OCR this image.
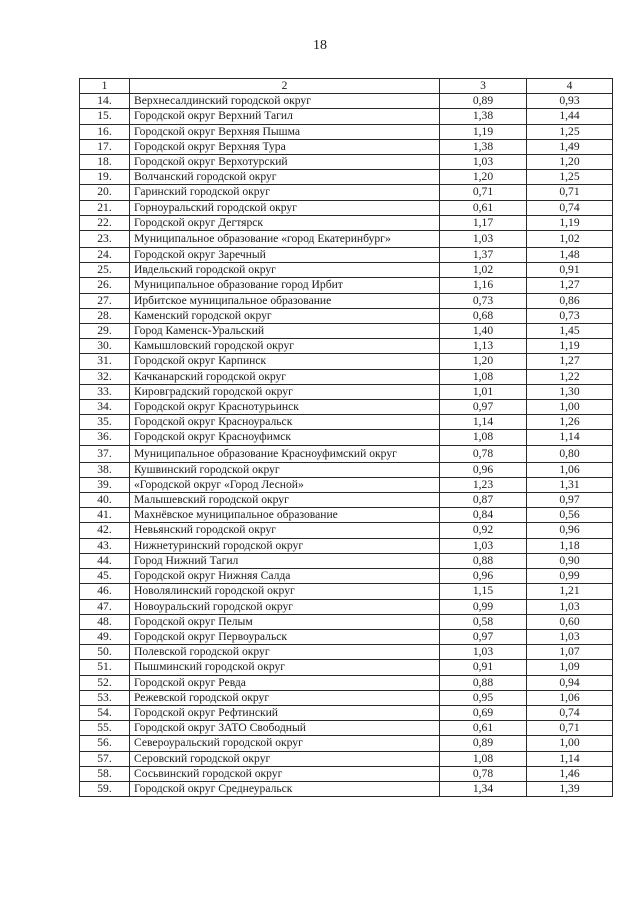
18
1	2	3	4
14.	Верхнесалдинский городской округ	0,89	0,93
15.	Городской округ Верхний Тагил	1,38	1,44
16.	Городской округ Верхняя Пышма	1,19	1,25
17.	Городской округ Верхняя Тура	1,38	1,49
18.	Городской округ Верхотурский	1,03	1,20
19.	Волчанский городской округ	1,20	1,25
20.	Гаринский городской округ	0,71	0,71
21.	Горноуральский городской округ	0,61	0,74
22.	Городской округ Дегтярск	1,17	1,19
23.	Муниципальное образование «город Екатеринбург»	1,03	1,02
24.	Городской округ Заречный	1,37	1,48
25.	Ивдельский городской округ	1,02	0,91
26.	Муниципальное образование город Ирбит	1,16	1,27
27.	Ирбитское муниципальное образование	0,73	0,86
28.	Каменский городской округ	0,68	0,73
29.	Город Каменск-Уральский	1,40	1,45
30.	Камышловский городской округ	1,13	1,19
31.	Городской округ Карпинск	1,20	1,27
32.	Качканарский городской округ	1,08	1,22
33.	Кировградский городской округ	1,01	1,30
34.	Городской округ Краснотурьинск	0,97	1,00
35.	Городской округ Красноуральск	1,14	1,26
36.	Городской округ Красноуфимск	1,08	1,14
37.	Муниципальное образование Красноуфимский округ	0,78	0,80
38.	Кушвинский городской округ	0,96	1,06
39.	«Городской округ «Город Лесной»	1,23	1,31
40.	Малышевский городской округ	0,87	0,97
41.	Махнёвское муниципальное образование	0,84	0,56
42.	Невьянский городской округ	0,92	0,96
43.	Нижнетуринский городской округ	1,03	1,18
44.	Город Нижний Тагил	0,88	0,90
45.	Городской округ Нижняя Салда	0,96	0,99
46.	Новолялинский городской округ	1,15	1,21
47.	Новоуральский городской округ	0,99	1,03
48.	Городской округ Пелым	0,58	0,60
49.	Городской округ Первоуральск	0,97	1,03
50.	Полевской городской округ	1,03	1,07
51.	Пышминский городской округ	0,91	1,09
52.	Городской округ Ревда	0,88	0,94
53.	Режевской городской округ	0,95	1,06
54.	Городской округ Рефтинский	0,69	0,74
55.	Городской округ ЗАТО Свободный	0,61	0,71
56.	Североуральский городской округ	0,89	1,00
57.	Серовский городской округ	1,08	1,14
58.	Сосьвинский городской округ	0,78	1,46
59.	Городской округ Среднеуральск	1,34	1,39
